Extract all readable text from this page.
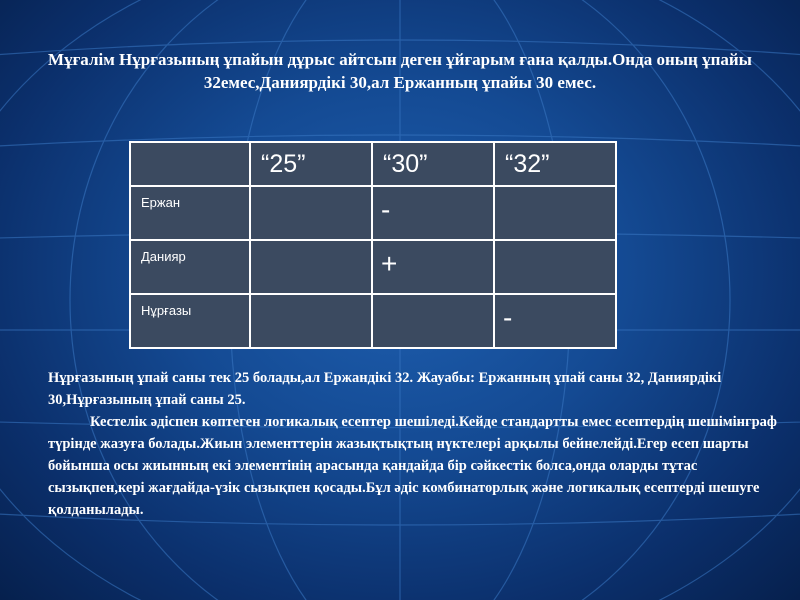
Мұғалім Нұрғазының ұпайын дұрыс айтсын деген ұйғарым ғана қалды.Онда оның ұпайы 32емес,Даниярдікі 30,ал Ержанның ұпайы 30 емес.
	“25”	“30”	“32”
Ержан		-	
Данияр		+	
Нұрғазы			-

Нұрғазының ұпай саны тек 25 болады,ал Ержандікі 32. Жауабы: Ержанның ұпай саны 32, Даниярдікі 30,Нұрғазының ұпай саны 25.

Кестелік әдіспен көптеген логикалық есептер шешіледі.Кейде стандартты емес есептердің шешімінграф түрінде жазуға болады.Жиын элементтерін жазықтықтың нүктелері арқылы бейнелейді.Егер есеп шарты бойынша осы жиынның екі элементінің арасында қандайда бір сәйкестік болса,онда оларды тұтас сызықпен,кері жағдайда-үзік сызықпен қосады.Бұл әдіс комбинаторлық және логикалық есептерді шешуге қолданылады.
